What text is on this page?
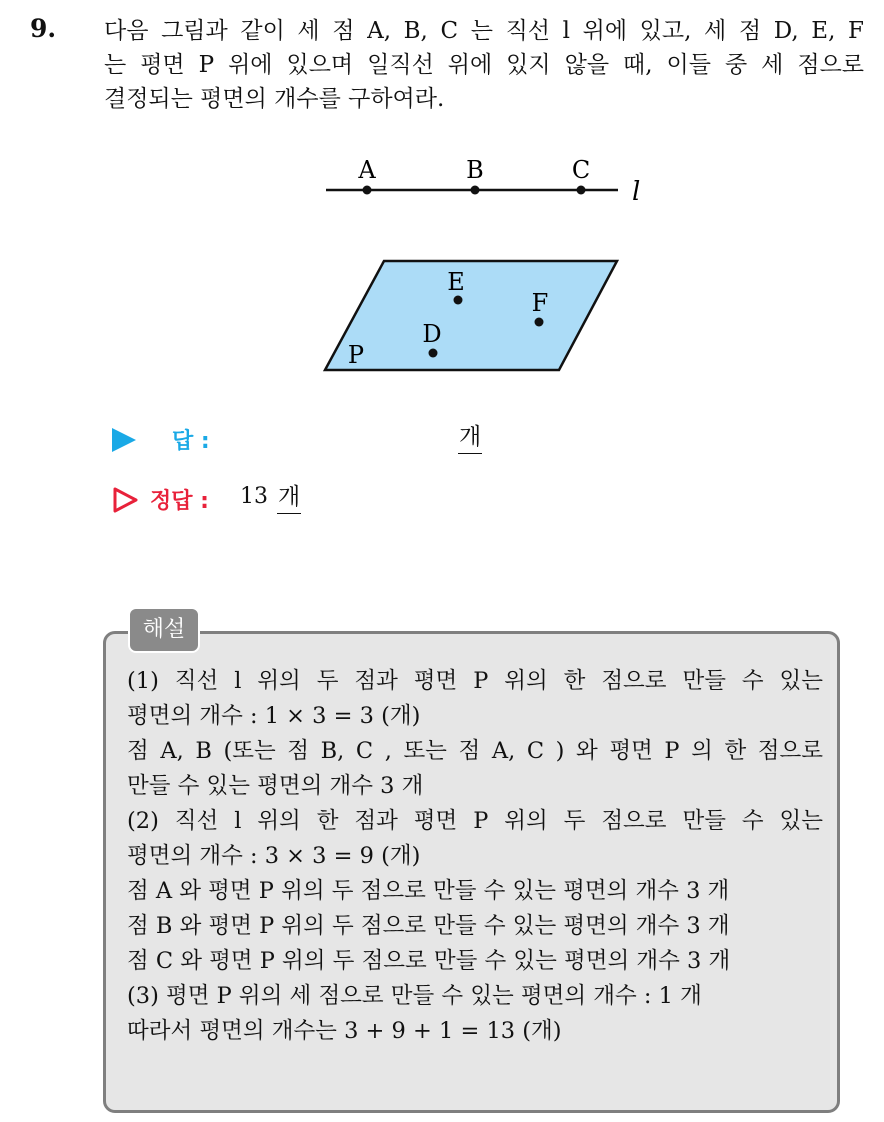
9. 다음 그림과 같이 세 점 A, B, C 는 직선 l 위에 있고, 세 점 D, E, F
는 평면 P 위에 있으며 일직선 위에 있지 않을 때, 이들 중 세 점으로
결정되는 평면의 개수를 구하여라.
A	B	C
l
E
F
D
P
답 :	개
정답 : 13 개
해설
(1) 직선 l 위의 두 점과 평면 P 위의 한 점으로 만들 수 있는
평면의 개수 : 1 × 3 = 3 (개)
점 A, B (또는 점 B, C , 또는 점 A, C ) 와 평면 P 의 한 점으로
만들 수 있는 평면의 개수 3 개
(2) 직선 l 위의 한 점과 평면 P 위의 두 점으로 만들 수 있는
평면의 개수 : 3 × 3 = 9 (개)
점 A 와 평면 P 위의 두 점으로 만들 수 있는 평면의 개수 3 개
점 B 와 평면 P 위의 두 점으로 만들 수 있는 평면의 개수 3 개
점 C 와 평면 P 위의 두 점으로 만들 수 있는 평면의 개수 3 개
(3) 평면 P 위의 세 점으로 만들 수 있는 평면의 개수 : 1 개
따라서 평면의 개수는 3 + 9 + 1 = 13 (개)
